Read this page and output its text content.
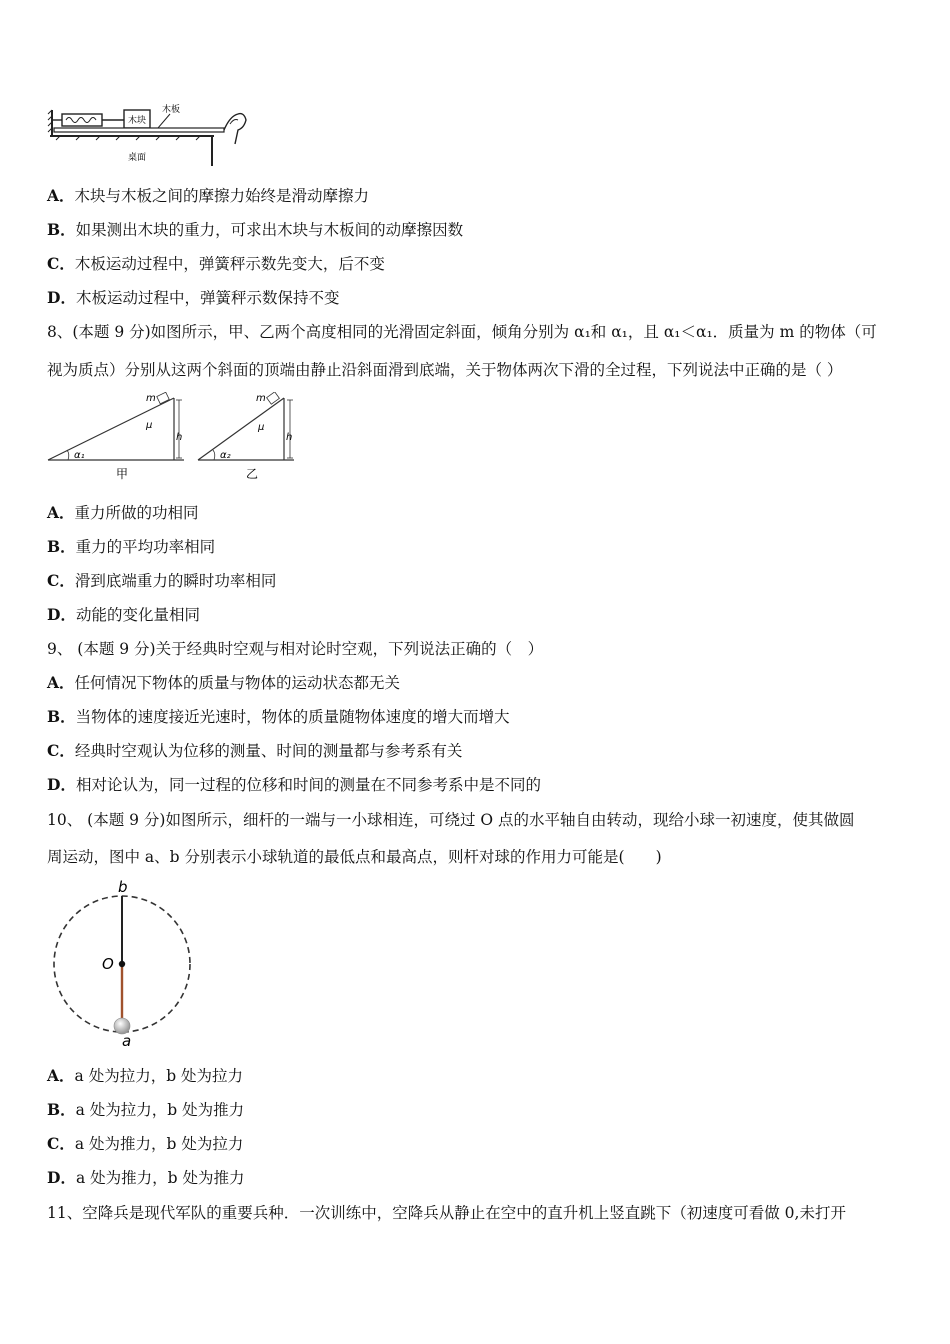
木块
木板
桌面
A．木块与木板之间的摩擦力始终是滑动摩擦力
B．如果测出木块的重力，可求出木块与木板间的动摩擦因数
C．木板运动过程中，弹簧秤示数先变大，后不变
D．木板运动过程中，弹簧秤示数保持不变
8、(本题 9 分)如图所示，甲、乙两个高度相同的光滑固定斜面，倾角分别为 α₁和 α₁，且 α₁＜α₁．质量为 m 的物体（可
视为质点）分别从这两个斜面的顶端由静止沿斜面滑到底端，关于物体两次下滑的全过程，下列说法中正确的是（ ）
m
μ
h
α₁
甲
m
μ
h
α₂
乙
A．重力所做的功相同
B．重力的平均功率相同
C．滑到底端重力的瞬时功率相同
D．动能的变化量相同
9、 (本题 9 分)关于经典时空观与相对论时空观，下列说法正确的（　）
A．任何情况下物体的质量与物体的运动状态都无关
B．当物体的速度接近光速时，物体的质量随物体速度的增大而增大
C．经典时空观认为位移的测量、时间的测量都与参考系有关
D．相对论认为，同一过程的位移和时间的测量在不同参考系中是不同的
10、 (本题 9 分)如图所示，细杆的一端与一小球相连，可绕过 O 点的水平轴自由转动，现给小球一初速度，使其做圆
周运动，图中 a、b 分别表示小球轨道的最低点和最高点，则杆对球的作用力可能是(　　)
b
O
a
A．a 处为拉力，b 处为拉力
B．a 处为拉力，b 处为推力
C．a 处为推力，b 处为拉力
D．a 处为推力，b 处为推力
11、空降兵是现代军队的重要兵种．一次训练中，空降兵从静止在空中的直升机上竖直跳下（初速度可看做 0,未打开
